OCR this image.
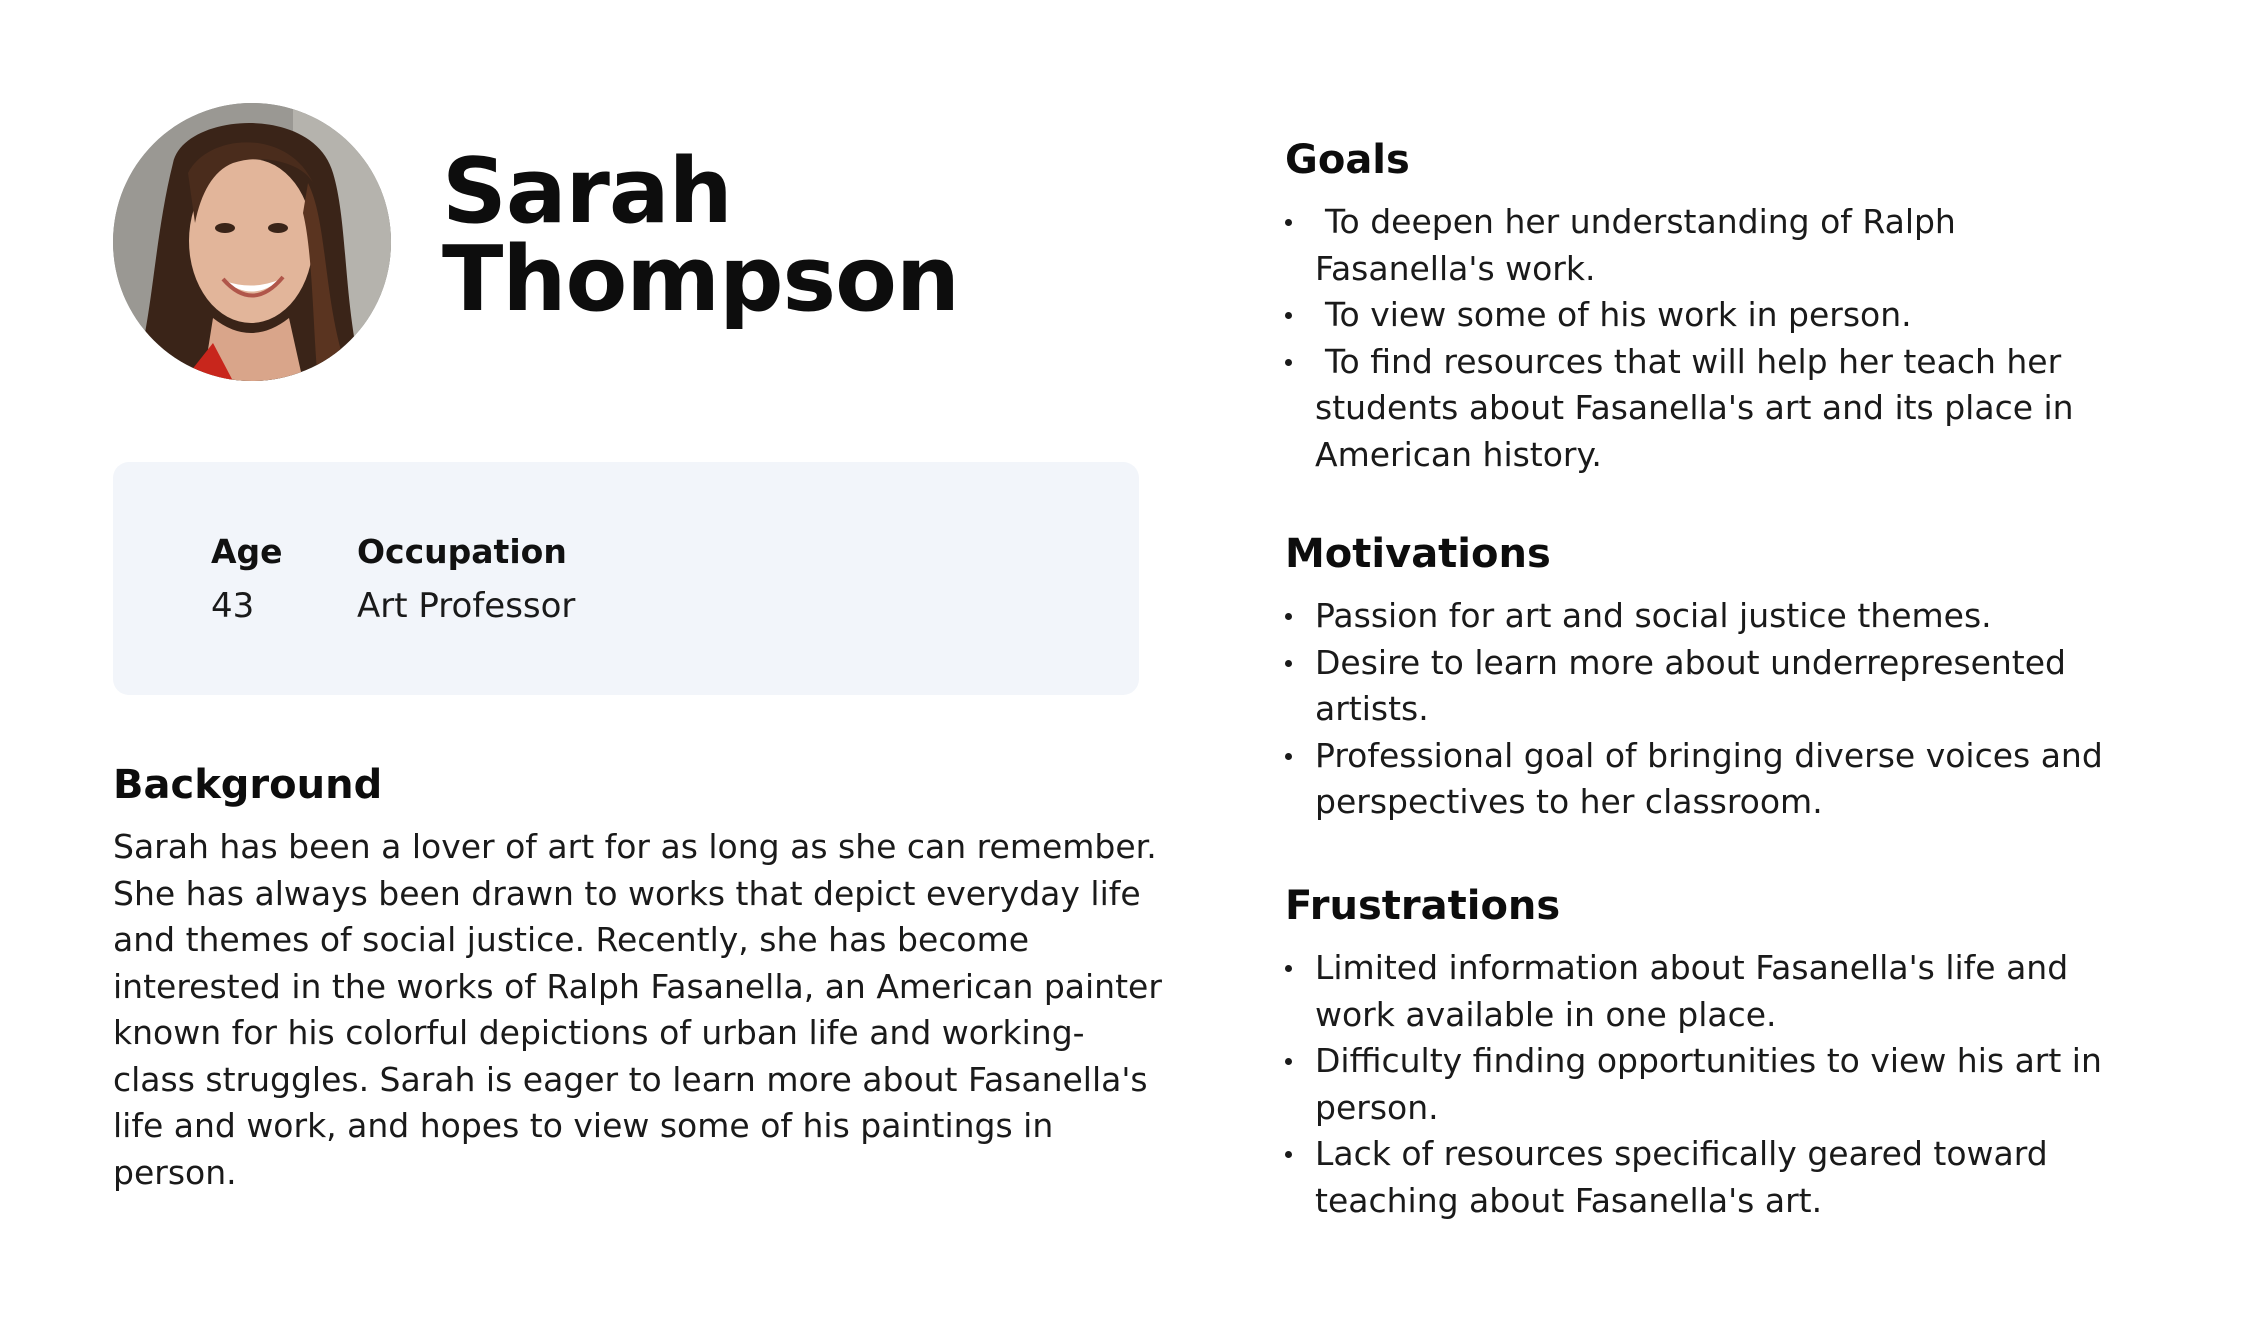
Sarah
Thompson
Age
43
Occupation
Art Professor
Background

Sarah has been a lover of art for as long as she can remember. She has always been drawn to works that depict everyday life and themes of social justice. Recently, she has become interested in the works of Ralph Fasanella, an American painter known for his colorful depictions of urban life and working-class struggles. Sarah is eager to learn more about Fasanella's life and work, and hopes to view some of his paintings in person.

Goals
To deepen her understanding of Ralph Fasanella's work.
To view some of his work in person.
To find resources that will help her teach her students about Fasanella's art and its place in American history.
Motivations
Passion for art and social justice themes.
Desire to learn more about underrepresented artists.
Professional goal of bringing diverse voices and perspectives to her classroom.
Frustrations
Limited information about Fasanella's life and work available in one place.
Difficulty finding opportunities to view his art in person.
Lack of resources specifically geared toward teaching about Fasanella's art.
